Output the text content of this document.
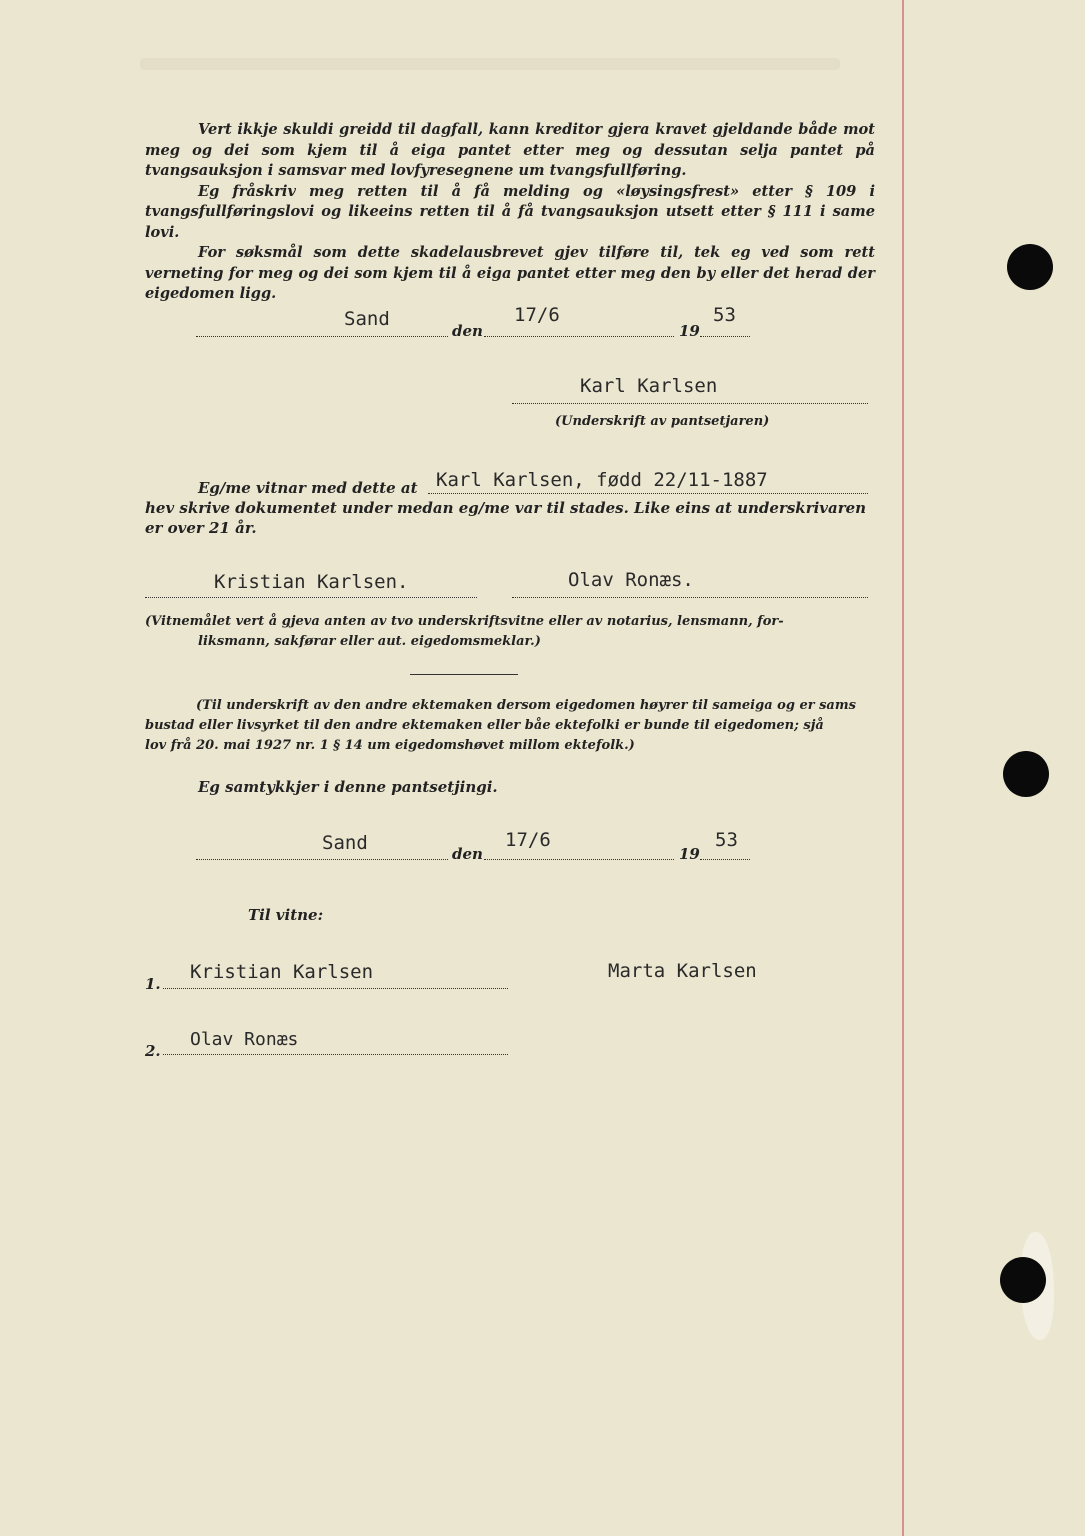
Vert ikkje skuldi greidd til dagfall, kann kreditor gjera kravet gjeldande både mot meg og dei som kjem til å eiga pantet etter meg og dessutan selja pantet på tvangsauksjon i samsvar med lovfyresegnene um tvangsfullføring.

Eg fråskriv meg retten til å få melding og «løysingsfrest» etter § 109 i tvangsfullføringslovi og likeeins retten til å få tvangsauksjon utsett etter § 111 i same lovi.

For søksmål som dette skadelausbrevet gjev tilføre til, tek eg ved som rett verneting for meg og dei som kjem til å eiga pantet etter meg den by eller det herad der eigedomen ligg.

Sand
den
17/6
19
53
Karl Karlsen
(Underskrift av pantsetjaren)
Eg/me vitnar med dette at Karl Karlsen, fødd 22/11-1887
hev skrive dokumentet under medan eg/me var til stades. Like eins at underskrivaren
er over 21 år.
Kristian Karlsen.	Olav Ronæs.
(Vitnemålet vert å gjeva anten av tvo underskriftsvitne eller av notarius, lensmann, for-
liksmann, sakførar eller aut. eigedomsmeklar.)
(Til underskrift av den andre ektemaken dersom eigedomen høyrer til sameiga og er sams
bustad eller livsyrket til den andre ektemaken eller båe ektefolki er bunde til eigedomen; sjå
lov frå 20. mai 1927 nr. 1 § 14 um eigedomshøvet millom ektefolk.)
Eg samtykkjer i denne pantsetjingi.
Sand	den
17/6
19
53
Til vitne:
1.
Kristian Karlsen	Marta Karlsen
2.
Olav Ronæs
